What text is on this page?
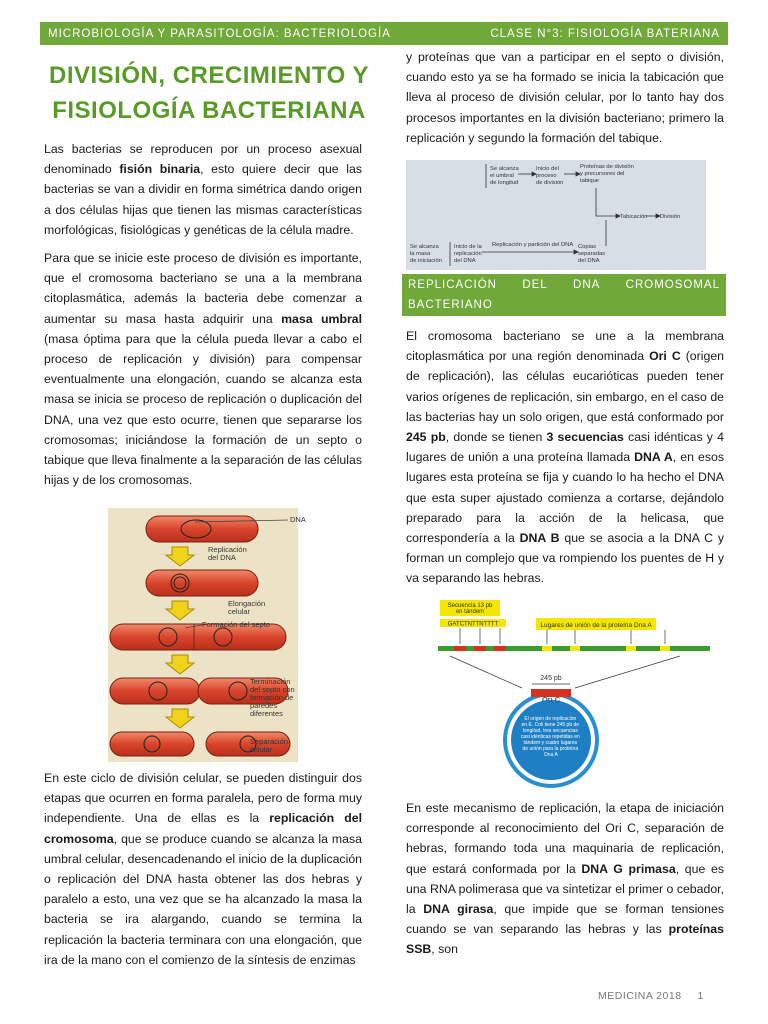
MICROBIOLOGÍA Y PARASITOLOGÍA: BACTERIOLOGÍA	CLASE N°3: FISIOLOGÍA BATERIANA
DIVISIÓN, CRECIMIENTO Y
FISIOLOGÍA BACTERIANA

Las bacterias se reproducen por un proceso asexual denominado fisión binaria, esto quiere decir que las bacterias se van a dividir en forma simétrica dando origen a dos células hijas que tienen las mismas características morfológicas, fisiológicas y genéticas de la célula madre.

Para que se inicie este proceso de división es importante, que el cromosoma bacteriano se una a la membrana citoplasmática, además la bacteria debe comenzar a aumentar su masa hasta adquirir una masa umbral (masa óptima para que la célula pueda llevar a cabo el proceso de replicación y división) para compensar eventualmente una elongación, cuando se alcanza esta masa se inicia se proceso de replicación o duplicación del DNA, una vez que esto ocurre, tienen que separarse los cromosomas; iniciándose la formación de un septo o tabique que lleva finalmente a la separación de las células hijas y de los cromosomas.

DNA
Replicación del DNA
Elongación celular
Formación del septo
Terminación del septo con formación de paredes diferentes
Separación celular

En este ciclo de división celular, se pueden distinguir dos etapas que ocurren en forma paralela, pero de forma muy independiente. Una de ellas es la replicación del cromosoma, que se produce cuando se alcanza la masa umbral celular, desencadenando el inicio de la duplicación o replicación del DNA hasta obtener las dos hebras y paralelo a esto, una vez que se ha alcanzado la masa la bacteria se ira alargando, cuando se termina la replicación la bacteria terminara con una elongación, que ira de la mano con el comienzo de la síntesis de enzimas

y proteínas que van a participar en el septo o división, cuando esto ya se ha formado se inicia la tabicación que lleva al proceso de división celular, por lo tanto hay dos procesos importantes en la división bacteriano; primero la replicación y segundo la formación del tabique.

Se alcanza el umbral de longitud
Inicio del proceso de división
Proteínas de división y precursores del tabique
Tabicación División
Se alcanza la masa de iniciación
Inicio de la replicación del DNA
Replicación y partición del DNA Copias separadas del DNA
REPLICACIÓN DEL DNA CROMOSOMAL
BACTERIANO

El cromosoma bacteriano se une a la membrana citoplasmática por una región denominada Ori C (origen de replicación), las células eucarióticas pueden tener varios orígenes de replicación, sin embargo, en el caso de las bacterias hay un solo origen, que está conformado por 245 pb, donde se tienen 3 secuencias casi idénticas y 4 lugares de unión a una proteína llamada DNA A, en esos lugares esta proteína se fija y cuando lo ha hecho el DNA que esta super ajustado comienza a cortarse, dejándolo preparado para la acción de la helicasa, que correspondería a la DNA B que se asocia a la DNA C y forman un complejo que va rompiendo los puentes de H y va separando las hebras.

Secuencia 13 pb en tándem
GATCTNTTNTTTT	Lugares de unión de la proteína Dna A
245 pb
Ori C
El origen de replicación en E. Coli tiene 245 pb de longitud, tres secuencias casi idénticas repetidas en tándem y cuatro lugares de unión para la proteína Dna A

En este mecanismo de replicación, la etapa de iniciación corresponde al reconocimiento del Ori C, separación de hebras, formando toda una maquinaria de replicación, que estará conformada por la DNA G primasa, que es una RNA polimerasa que va sintetizar el primer o cebador, la DNA girasa, que impide que se forman tensiones cuando se van separando las hebras y las proteínas SSB, son

MEDICINA 2018 1
